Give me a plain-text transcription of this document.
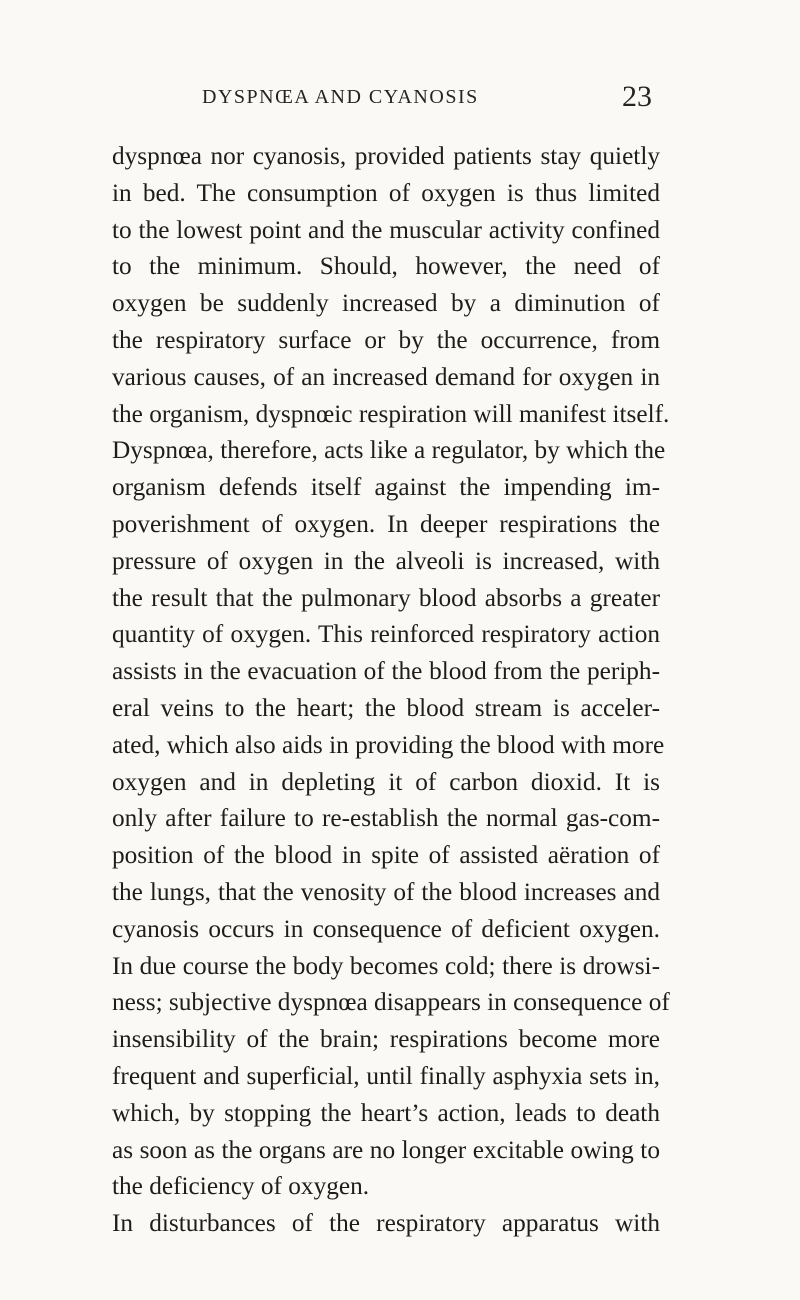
DYSPNŒA AND CYANOSIS	23
dyspnœa nor cyanosis, provided patients stay quietly
in bed. The consumption of oxygen is thus limited
to the lowest point and the muscular activity confined
to the minimum. Should, however, the need of
oxygen be suddenly increased by a diminution of
the respiratory surface or by the occurrence, from
various causes, of an increased demand for oxygen in
the organism, dyspnœic respiration will manifest itself.
Dyspnœa, therefore, acts like a regulator, by which the
organism defends itself against the impending im-
poverishment of oxygen. In deeper respirations the
pressure of oxygen in the alveoli is increased, with
the result that the pulmonary blood absorbs a greater
quantity of oxygen. This reinforced respiratory action
assists in the evacuation of the blood from the periph-
eral veins to the heart; the blood stream is acceler-
ated, which also aids in providing the blood with more
oxygen and in depleting it of carbon dioxid. It is
only after failure to re-establish the normal gas-com-
position of the blood in spite of assisted aëration of
the lungs, that the venosity of the blood increases and
cyanosis occurs in consequence of deficient oxygen.
In due course the body becomes cold; there is drowsi-
ness; subjective dyspnœa disappears in consequence of
insensibility of the brain; respirations become more
frequent and superficial, until finally asphyxia sets in,
which, by stopping the heart’s action, leads to death
as soon as the organs are no longer excitable owing to
the deficiency of oxygen.
In disturbances of the respiratory apparatus with
